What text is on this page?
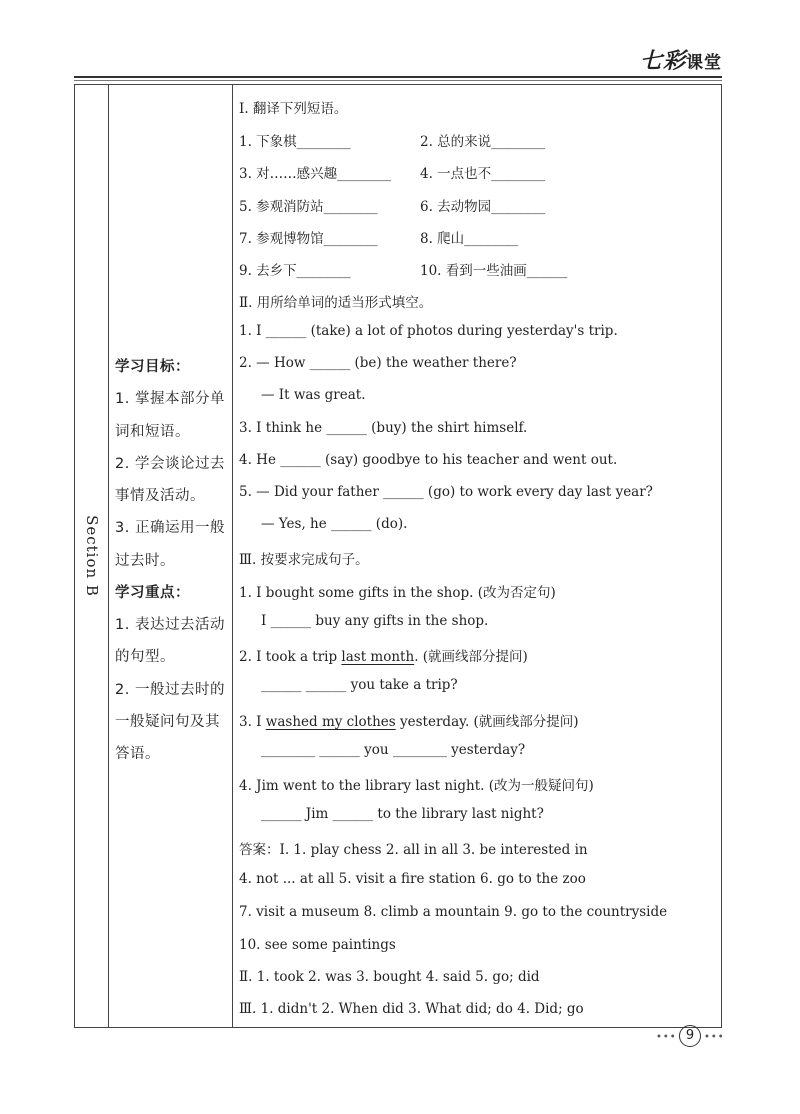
七彩课堂
Section B
学习目标：
1. 掌握本部分单
词和短语。
2. 学会谈论过去
事情及活动。
3. 正确运用一般
过去时。
学习重点：
1. 表达过去活动
的句型。
2. 一般过去时的
一般疑问句及其
答语。
Ⅰ. 翻译下列短语。
1. 下象棋________	2. 总的来说________
3. 对……感兴趣________ 4. 一点也不________
5. 参观消防站________	6. 去动物园________
7. 参观博物馆________	8. 爬山________
9. 去乡下________	10. 看到一些油画______
Ⅱ. 用所给单词的适当形式填空。
1. I ______ (take) a lot of photos during yesterday's trip.
2. — How ______ (be) the weather there?
— It was great.
3. I think he ______ (buy) the shirt himself.
4. He ______ (say) goodbye to his teacher and went out.
5. — Did your father ______ (go) to work every day last year?
— Yes, he ______ (do).
Ⅲ. 按要求完成句子。
1. I bought some gifts in the shop. (改为否定句)
I ______ buy any gifts in the shop.
2. I took a trip last month. (就画线部分提问)
______ ______ you take a trip?
3. I washed my clothes yesterday. (就画线部分提问)
________ ______ you ________ yesterday?
4. Jim went to the library last night. (改为一般疑问句)
______ Jim ______ to the library last night?
答案：Ⅰ. 1. play chess 2. all in all 3. be interested in
4. not ... at all 5. visit a fire station 6. go to the zoo
7. visit a museum 8. climb a mountain 9. go to the countryside
10. see some paintings
Ⅱ. 1. took 2. was 3. bought 4. said 5. go; did
Ⅲ. 1. didn't 2. When did 3. What did; do 4. Did; go
••• 9 •••
